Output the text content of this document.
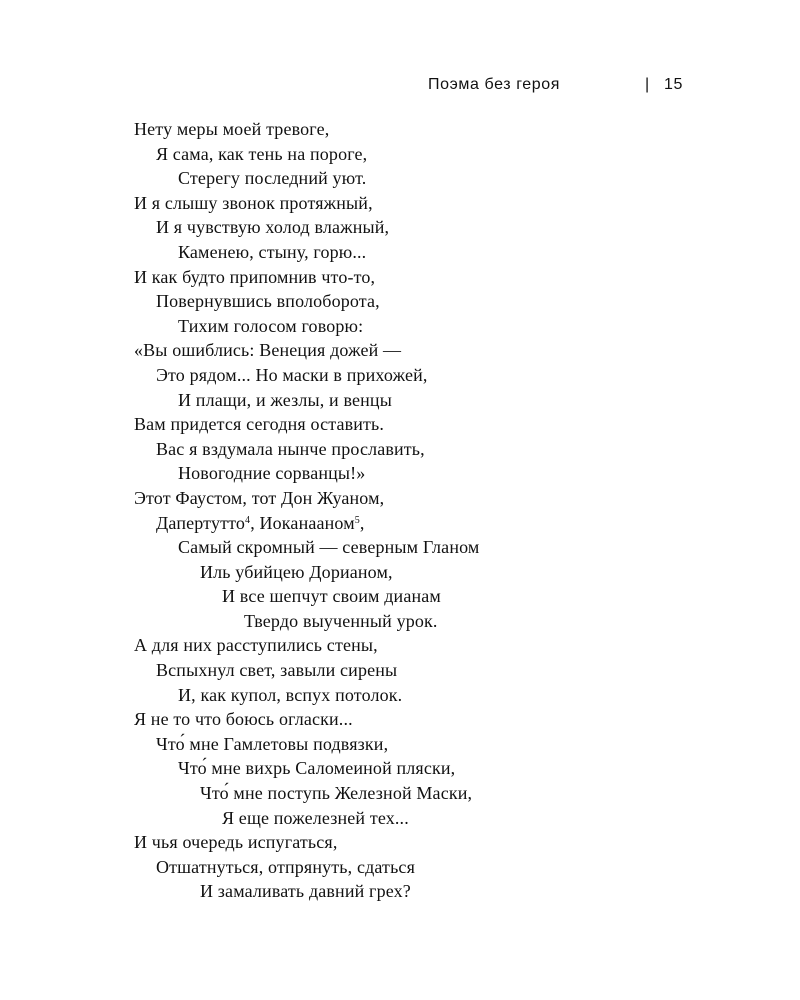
Поэма без героя	| 15
Нету меры моей тревоге,
Я сама, как тень на пороге,
Стерегу последний уют.
И я слышу звонок протяжный,
И я чувствую холод влажный,
Каменею, стыну, горю...
И как будто припомнив что-то,
Повернувшись вполоборота,
Тихим голосом говорю:
«Вы ошиблись: Венеция дожей —
Это рядом... Но маски в прихожей,
И плащи, и жезлы, и венцы
Вам придется сегодня оставить.
Вас я вздумала нынче прославить,
Новогодние сорванцы!»
Этот Фаустом, тот Дон Жуаном,
Дапертутто$^4$, Иоканааном$^5$,
Самый скромный — северным Гланом
Иль убийцею Дорианом,
И все шепчут своим дианам
Твердо выученный урок.
А для них расступились стены,
Вспыхнул свет, завыли сирены
И, как купол, вспух потолок.
Я не то что боюсь огласки...
Что́ мне Гамлетовы подвязки,
Что́ мне вихрь Саломеиной пляски,
Что́ мне поступь Железной Маски,
Я еще пожелезней тех...
И чья очередь испугаться,
Отшатнуться, отпрянуть, сдаться
И замаливать давний грех?
